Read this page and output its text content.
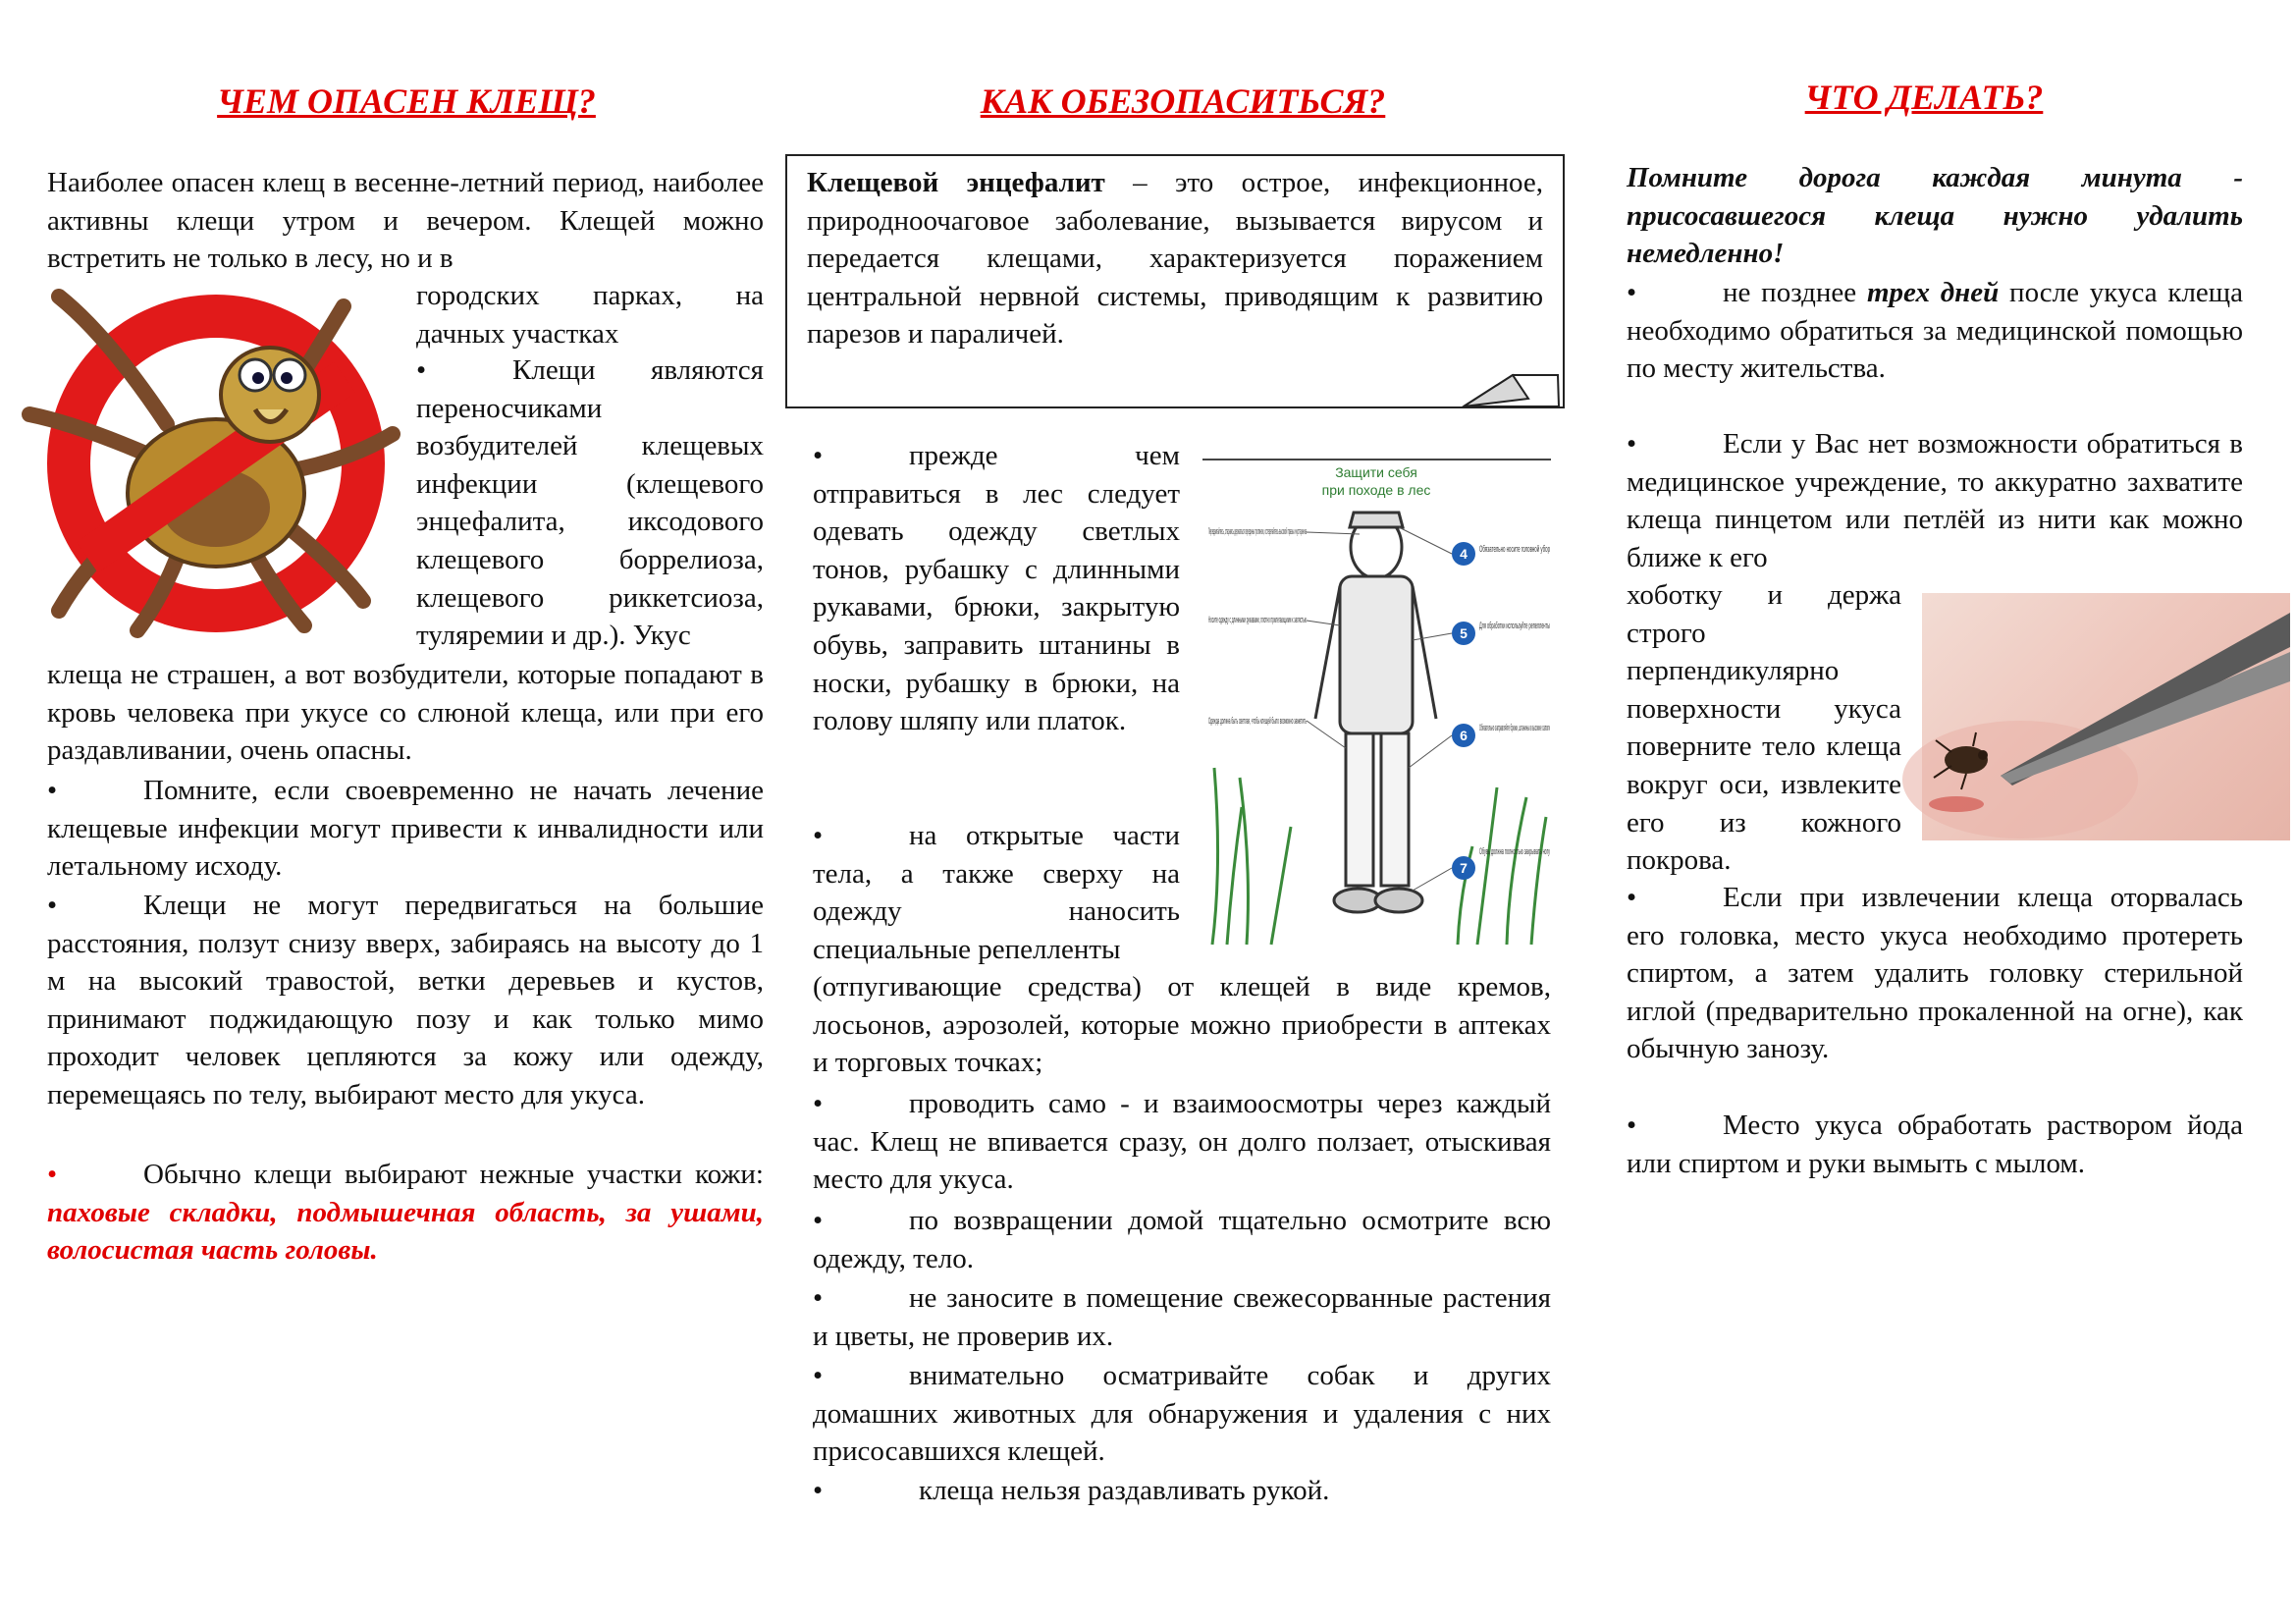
ЧЕМ ОПАСЕН КЛЕЩ?

Наиболее опасен клещ в весенне-летний период, наиболее активны клещи утром и вечером. Клещей можно встретить не только в лесу, но и в

городских парках, на дачных участках

•	Клещи являются переносчиками возбудителей клещевых инфекции (клещевого энцефалита, иксодового клещевого боррелиоза, клещевого риккетсиоза, туляремии и др.). Укус

клеща не страшен, а вот возбудители, которые попадают в кровь человека при укусе со слюной клеща, или при его раздавливании, очень опасны.

•	Помните, если своевременно не начать лечение клещевые инфекции могут привести к инвалидности или летальному исходу.

•	Клещи не могут передвигаться на большие расстояния, ползут снизу вверх, забираясь на высоту до 1 м на высокий травостой, ветки деревьев и кустов, принимают поджидающую позу и как только мимо проходит человек цепляются за кожу или одежду, перемещаясь по телу, выбирают место для укуса.

•	Обычно клещи выбирают нежные участки кожи: паховые складки, подмышечная область, за ушами, волосистая часть головы.

КАК ОБЕЗОПАСИТЬСЯ?

Клещевой энцефалит – это острое, инфекционное, природноочаговое заболевание, вызывается вирусом и передается клещами, характеризуется поражением центральной нервной системы, приводящим к развитию парезов и параличей.

•	прежде чем отправиться в лес следует одевать одежду светлых тонов, рубашку с длинными рукавами, брюки, закрытую обувь, заправить штанины в носки, рубашку в брюки, на голову шляпу или платок.

•	на открытые части тела, а также сверху на одежду наносить специальные репелленты

(отпугивающие средства) от клещей в виде кремов, лосьонов, аэрозолей, которые можно приобрести в аптеках и торговых точках;

Защити себя
при походе в лес
Передвигайтесь, стараясь держаться середины тропинок, остерегайтесь высокой травы и кустарника
Носите одежду с длинными рукавами, плотно прилегающими к запястью
Одежда должна быть светлая, чтобы клещей было возможно заметить
Обязательно носите головной убор
Для обработки используйте репелленты
Обязательно заправляйте брюки, штанины в высокие сапоги
Обувь должна полностью закрывать ногу
4
5
6
7

•	проводить само - и взаимоосмотры через каждый час. Клещ не впивается сразу, он долго ползает, отыскивая место для укуса.

•	по возвращении домой тщательно осмотрите всю одежду, тело.

•	не заносите в помещение свежесорванные растения и цветы, не проверив их.

•	внимательно осматривайте собак и других домашних животных для обнаружения и удаления с них присосавшихся клещей.

•	клеща нельзя раздавливать рукой.

ЧТО ДЕЛАТЬ?

Помните дорога каждая минута - присосавшегося клеща нужно удалить немедленно!

•	не позднее трех дней после укуса клеща необходимо обратиться за медицинской помощью по месту жительства.

•	Если у Вас нет возможности обратиться в медицинское учреждение, то аккуратно захватите клеща пинцетом или петлёй из нити как можно ближе к его

хоботку и держа строго перпендикулярно поверхности укуса поверните тело клеща вокруг оси, извлеките его из кожного покрова.

•	Если при извлечении клеща оторвалась его головка, место укуса необходимо протереть спиртом, а затем удалить головку стерильной иглой (предварительно прокаленной на огне), как обычную занозу.

•	Место укуса обработать раствором йода или спиртом и руки вымыть с мылом.
